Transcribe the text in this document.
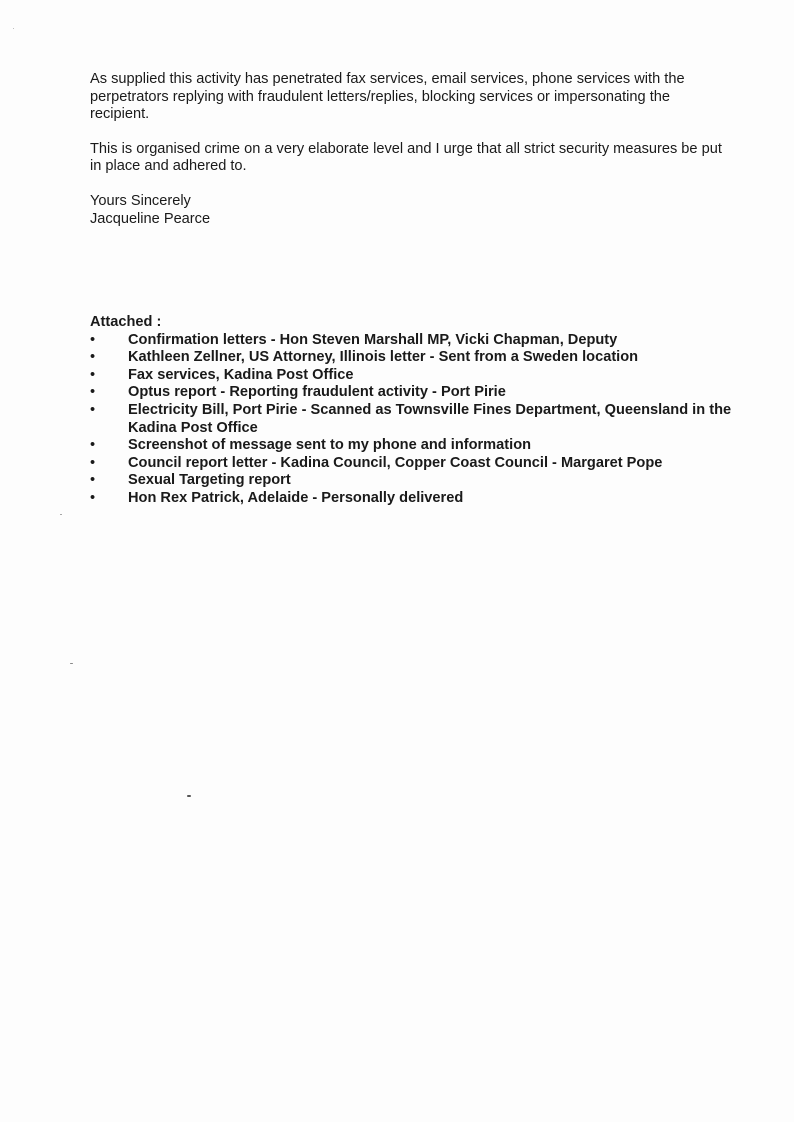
As supplied this activity has penetrated fax services, email services, phone services with the perpetrators replying with fraudulent letters/replies, blocking services or impersonating the recipient.

This is organised crime on a very elaborate level and I urge that all strict security measures be put in place and adhered to.

Yours Sincerely

Jacqueline Pearce

Attached :

• Confirmation letters - Hon Steven Marshall MP, Vicki Chapman, Deputy
• Kathleen Zellner, US Attorney, Illinois letter - Sent from a Sweden location
• Fax services, Kadina Post Office
• Optus report - Reporting fraudulent activity - Port Pirie
• Electricity Bill, Port Pirie - Scanned as Townsville Fines Department, Queensland in the Kadina Post Office
• Screenshot of message sent to my phone and information
• Council report letter - Kadina Council, Copper Coast Council - Margaret Pope
• Sexual Targeting report
• Hon Rex Patrick, Adelaide - Personally delivered
